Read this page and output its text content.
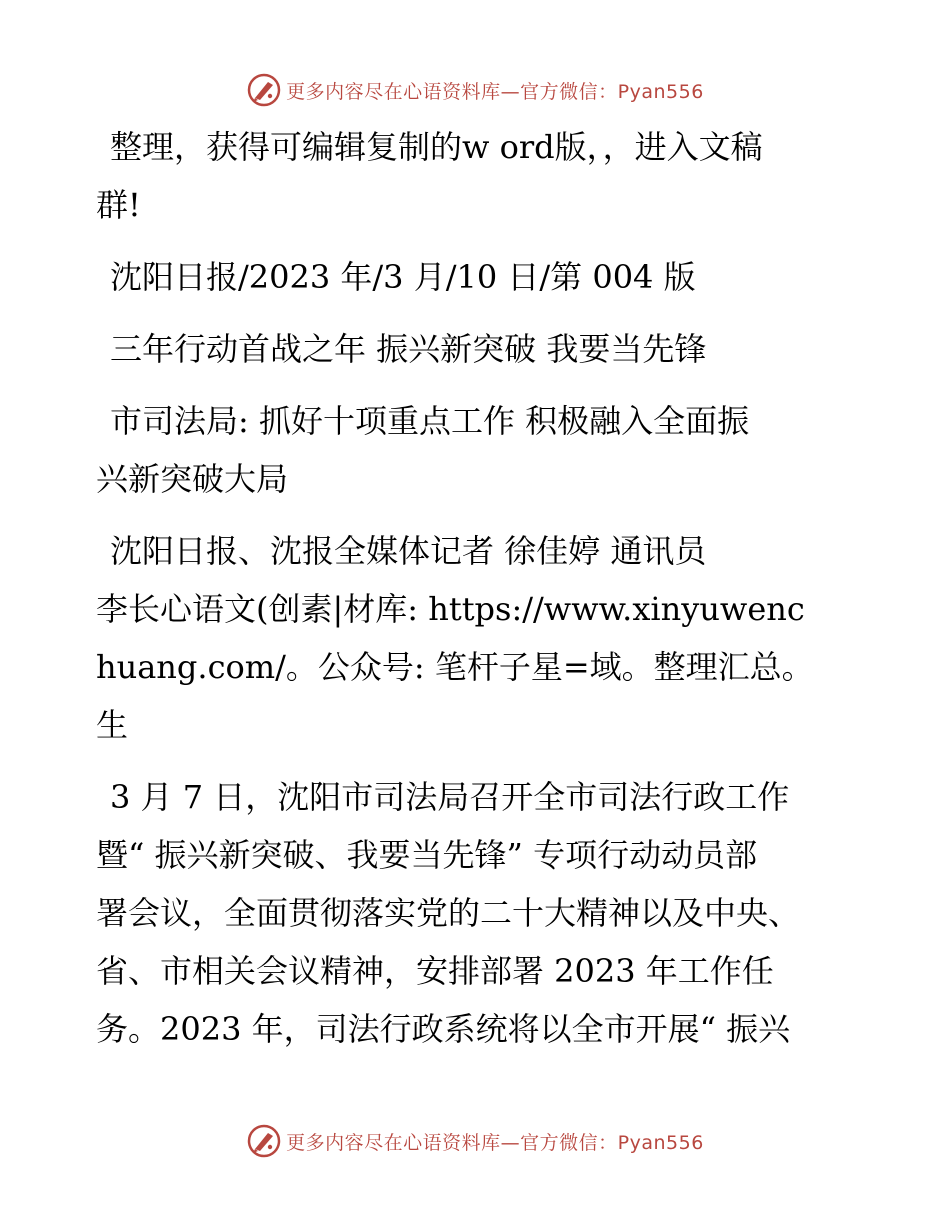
更多内容尽在心语资料库—官方微信：Pyan556

整理，获得可编辑复制的w ord版，，进入文稿
群!

沈阳日报/2023 年/3 月/10 日/第 004 版

三年行动首战之年 振兴新突破 我要当先锋

市司法局: 抓好十项重点工作 积极融入全面振
兴新突破大局

沈阳日报、沈报全媒体记者 徐佳婷 通讯员
李长心语文(创素|材库: https://www.xinyuwenc
huang.com/。公众号: 笔杆子星=域。整理汇总。
生

3 月 7 日，沈阳市司法局召开全市司法行政工作
暨“ 振兴新突破、我要当先锋” 专项行动动员部
署会议，全面贯彻落实党的二十大精神以及中央、
省、市相关会议精神，安排部署 2023 年工作任
务。2023 年，司法行政系统将以全市开展“ 振兴

更多内容尽在心语资料库—官方微信：Pyan556
